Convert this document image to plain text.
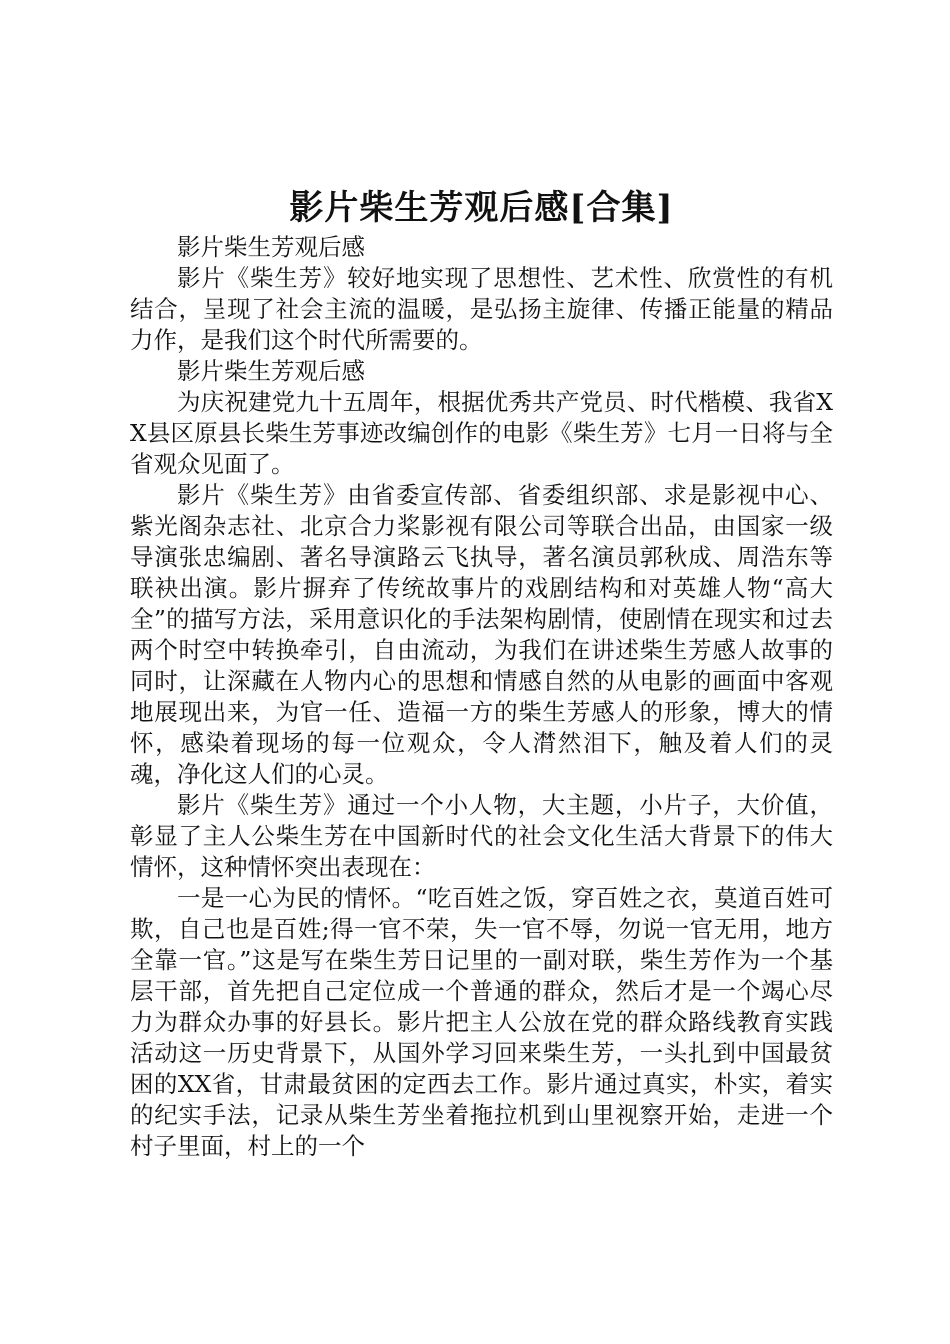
影片柴生芳观后感[合集]

影片柴生芳观后感

影片《柴生芳》较好地实现了思想性、艺术性、欣赏性的有机结合，呈现了社会主流的温暖，是弘扬主旋律、传播正能量的精品力作，是我们这个时代所需要的。

影片柴生芳观后感

为庆祝建党九十五周年，根据优秀共产党员、时代楷模、我省XX县区原县长柴生芳事迹改编创作的电影《柴生芳》七月一日将与全省观众见面了。

影片《柴生芳》由省委宣传部、省委组织部、求是影视中心、紫光阁杂志社、北京合力桨影视有限公司等联合出品，由国家一级导演张忠编剧、著名导演路云飞执导，著名演员郭秋成、周浩东等联袂出演。影片摒弃了传统故事片的戏剧结构和对英雄人物“高大全”的描写方法，采用意识化的手法架构剧情，使剧情在现实和过去两个时空中转换牵引，自由流动，为我们在讲述柴生芳感人故事的同时，让深藏在人物内心的思想和情感自然的从电影的画面中客观地展现出来，为官一任、造福一方的柴生芳感人的形象，博大的情怀，感染着现场的每一位观众，令人潸然泪下，触及着人们的灵魂，净化这人们的心灵。

影片《柴生芳》通过一个小人物，大主题，小片子，大价值，彰显了主人公柴生芳在中国新时代的社会文化生活大背景下的伟大情怀，这种情怀突出表现在：

一是一心为民的情怀。“吃百姓之饭，穿百姓之衣，莫道百姓可欺，自己也是百姓;得一官不荣，失一官不辱，勿说一官无用，地方全靠一官。”这是写在柴生芳日记里的一副对联，柴生芳作为一个基层干部，首先把自己定位成一个普通的群众，然后才是一个竭心尽力为群众办事的好县长。影片把主人公放在党的群众路线教育实践活动这一历史背景下，从国外学习回来柴生芳，一头扎到中国最贫困的XX省，甘肃最贫困的定西去工作。影片通过真实，朴实，着实的纪实手法，记录从柴生芳坐着拖拉机到山里视察开始，走进一个村子里面，村上的一个
